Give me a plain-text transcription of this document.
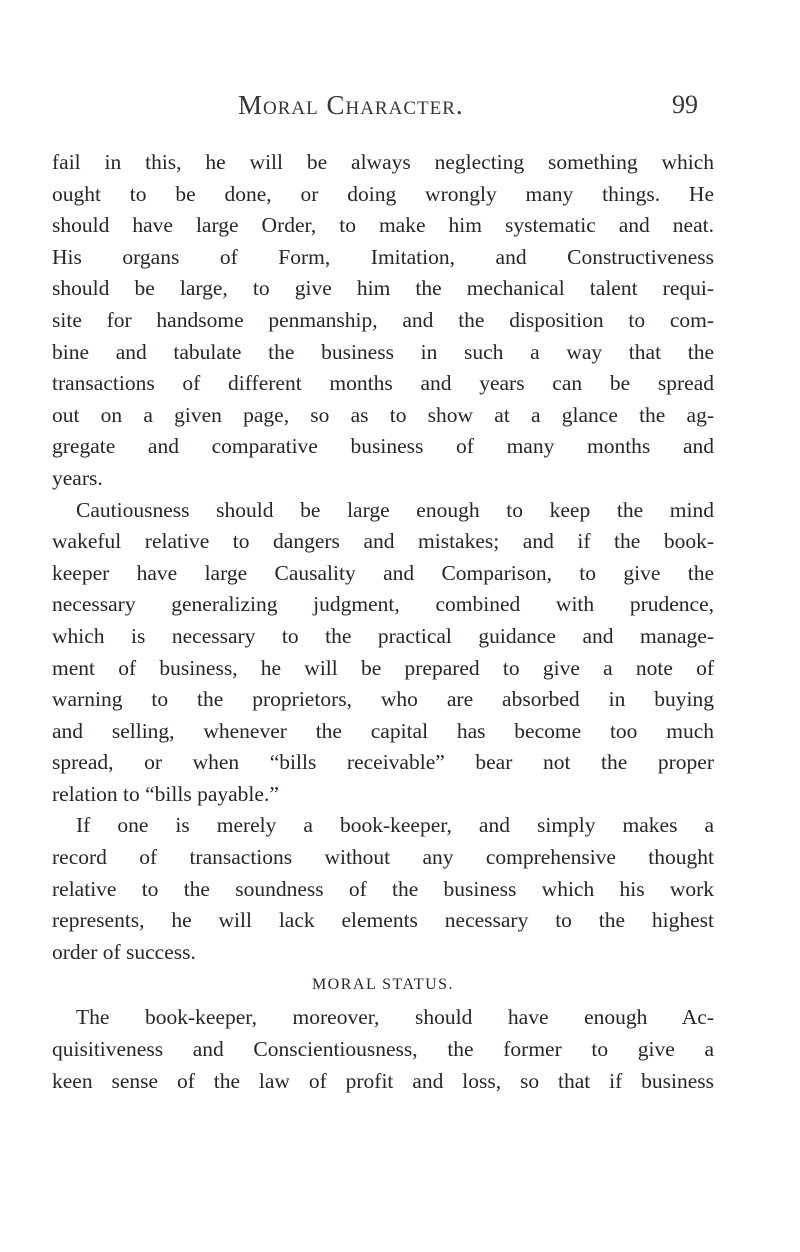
Moral Character.	99
fail in this, he will be always neglecting something which
ought to be done, or doing wrongly many things. He
should have large Order, to make him systematic and neat.
His organs of Form, Imitation, and Constructiveness
should be large, to give him the mechanical talent requi-
site for handsome penmanship, and the disposition to com-
bine and tabulate the business in such a way that the
transactions of different months and years can be spread
out on a given page, so as to show at a glance the ag-
gregate and comparative business of many months and
years.
Cautiousness should be large enough to keep the mind
wakeful relative to dangers and mistakes; and if the book-
keeper have large Causality and Comparison, to give the
necessary generalizing judgment, combined with prudence,
which is necessary to the practical guidance and manage-
ment of business, he will be prepared to give a note of
warning to the proprietors, who are absorbed in buying
and selling, whenever the capital has become too much
spread, or when “bills receivable” bear not the proper
relation to “bills payable.”
If one is merely a book-keeper, and simply makes a
record of transactions without any comprehensive thought
relative to the soundness of the business which his work
represents, he will lack elements necessary to the highest
order of success.
MORAL STATUS.
The book-keeper, moreover, should have enough Ac-
quisitiveness and Conscientiousness, the former to give a
keen sense of the law of profit and loss, so that if business
